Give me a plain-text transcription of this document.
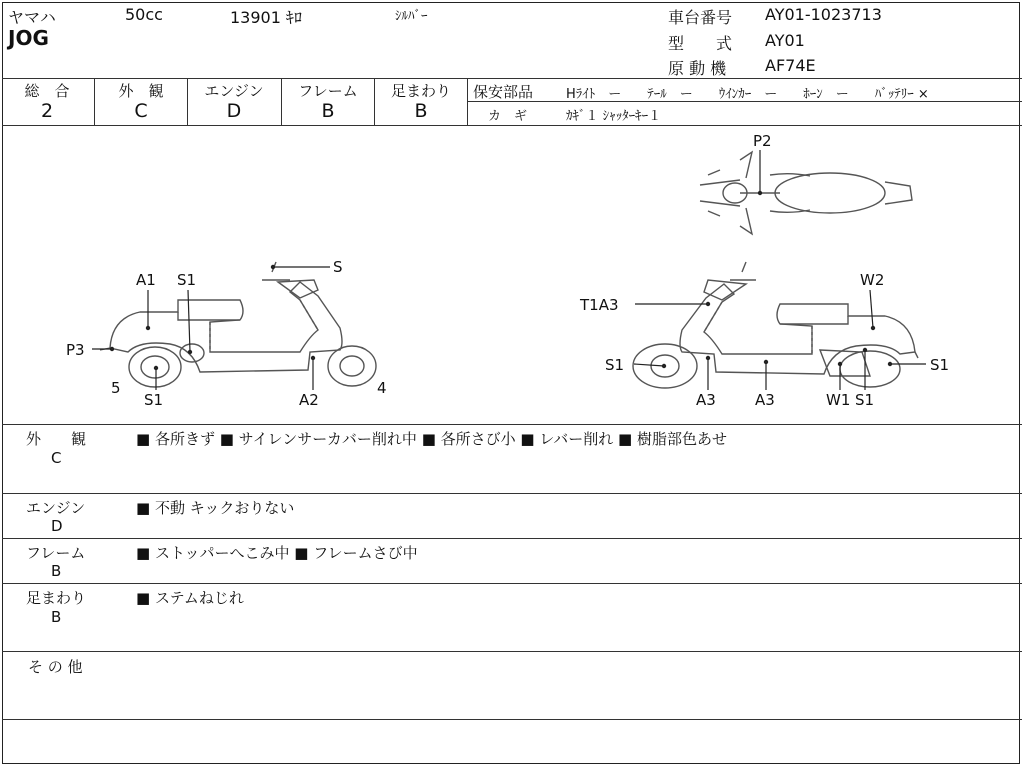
ヤマハ	50cc	13901 ｷﾛ	ｼﾙﾊﾞｰ
JOG
車台番号 AY01-1023713
型　　式 AY01
原 動 機 AF74E
総　合	外　観	エンジン	フレーム	足まわり
2	C	D	B	B
保安部品	Hﾗｲﾄ　ー　　ﾃｰﾙ　ー　　ｳｲﾝｶｰ　ー　　ﾎｰﾝ　ー　　ﾊﾞｯﾃﾘｰ ×
カ　ギ	ｶｷﾞ１ ｼｬｯﾀｰｷｰ１
S
A1 S1
P3
5
S1	A2
4
P2
T1A3
W2
S1	S1
A3	A3	W1 S1
外　　観
C
■ 各所きず ■ サイレンサーカバー削れ中 ■ 各所さび小 ■ レバー削れ ■ 樹脂部色あせ
エンジン
D
■ 不動 キックおりない
フレーム
B
■ ストッパーへこみ中 ■ フレームさび中
足まわり
B
■ ステムねじれ
そ の 他
